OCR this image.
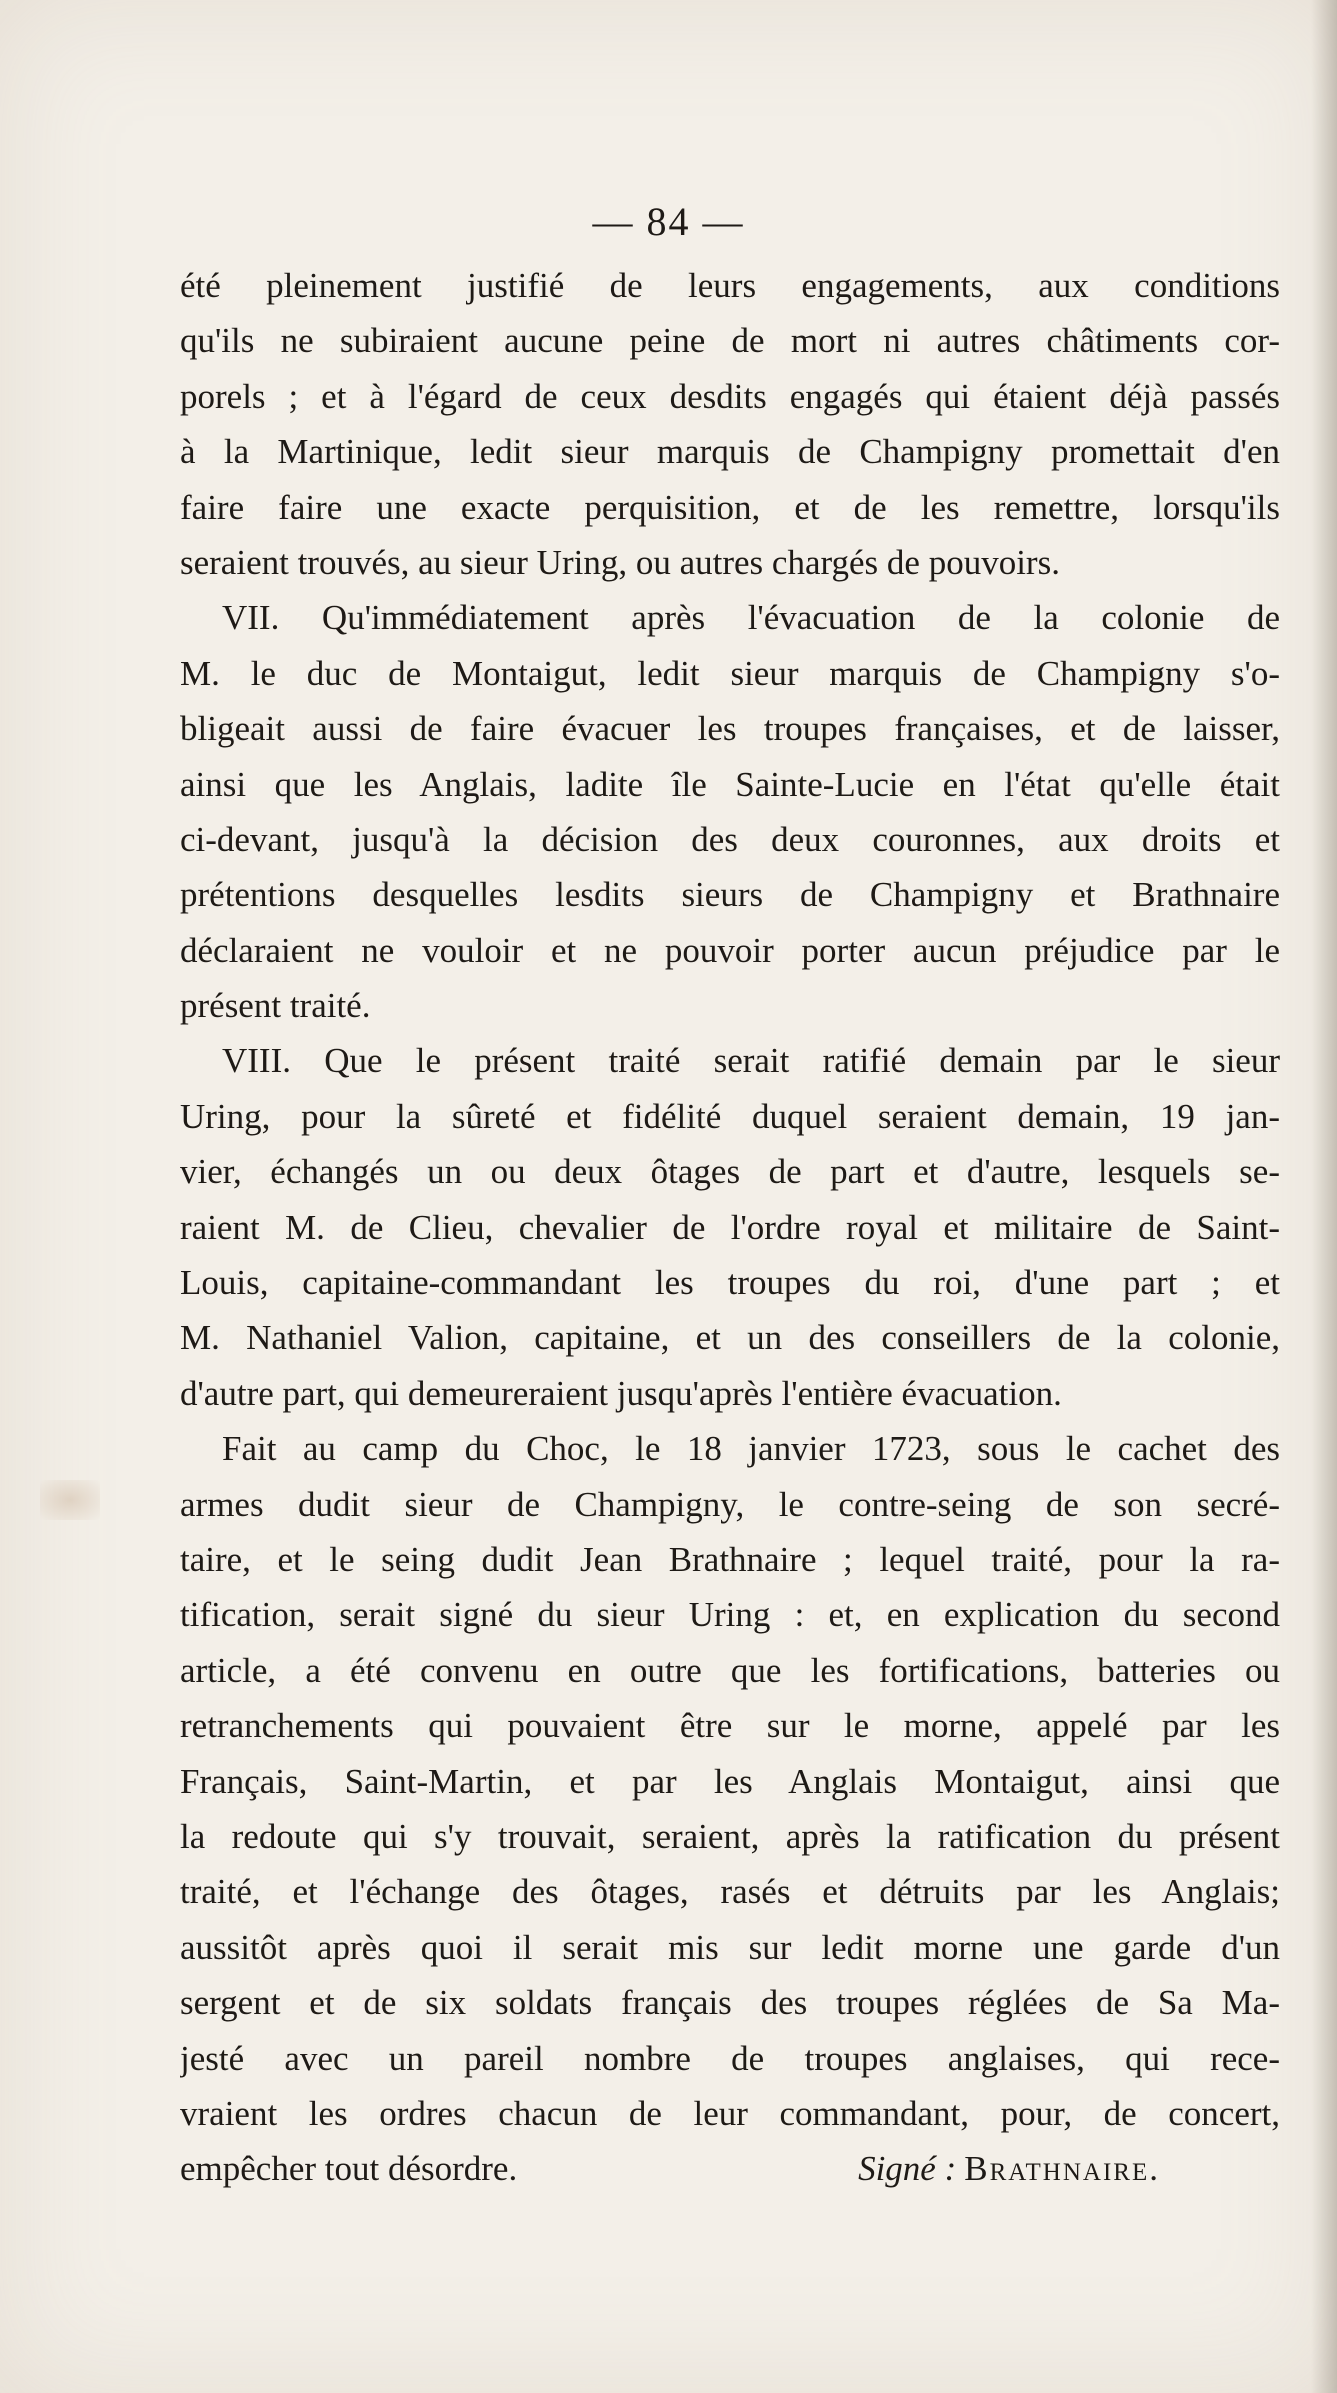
— 84 —
été pleinement justifié de leurs engagements, aux conditions
qu'ils ne subiraient aucune peine de mort ni autres châtiments cor-
porels ; et à l'égard de ceux desdits engagés qui étaient déjà passés
à la Martinique, ledit sieur marquis de Champigny promettait d'en
faire faire une exacte perquisition, et de les remettre, lorsqu'ils
seraient trouvés, au sieur Uring, ou autres chargés de pouvoirs.
VII. Qu'immédiatement après l'évacuation de la colonie de
M. le duc de Montaigut, ledit sieur marquis de Champigny s'o-
bligeait aussi de faire évacuer les troupes françaises, et de laisser,
ainsi que les Anglais, ladite île Sainte-Lucie en l'état qu'elle était
ci-devant, jusqu'à la décision des deux couronnes, aux droits et
prétentions desquelles lesdits sieurs de Champigny et Brathnaire
déclaraient ne vouloir et ne pouvoir porter aucun préjudice par le
présent traité.
VIII. Que le présent traité serait ratifié demain par le sieur
Uring, pour la sûreté et fidélité duquel seraient demain, 19 jan-
vier, échangés un ou deux ôtages de part et d'autre, lesquels se-
raient M. de Clieu, chevalier de l'ordre royal et militaire de Saint-
Louis, capitaine-commandant les troupes du roi, d'une part ; et
M. Nathaniel Valion, capitaine, et un des conseillers de la colonie,
d'autre part, qui demeureraient jusqu'après l'entière évacuation.
Fait au camp du Choc, le 18 janvier 1723, sous le cachet des
armes dudit sieur de Champigny, le contre-seing de son secré-
taire, et le seing dudit Jean Brathnaire ; lequel traité, pour la ra-
tification, serait signé du sieur Uring : et, en explication du second
article, a été convenu en outre que les fortifications, batteries ou
retranchements qui pouvaient être sur le morne, appelé par les
Français, Saint-Martin, et par les Anglais Montaigut, ainsi que
la redoute qui s'y trouvait, seraient, après la ratification du présent
traité, et l'échange des ôtages, rasés et détruits par les Anglais;
aussitôt après quoi il serait mis sur ledit morne une garde d'un
sergent et de six soldats français des troupes réglées de Sa Ma-
jesté avec un pareil nombre de troupes anglaises, qui rece-
vraient les ordres chacun de leur commandant, pour, de concert,
empêcher tout désordre.	Signé : Brathnaire.
